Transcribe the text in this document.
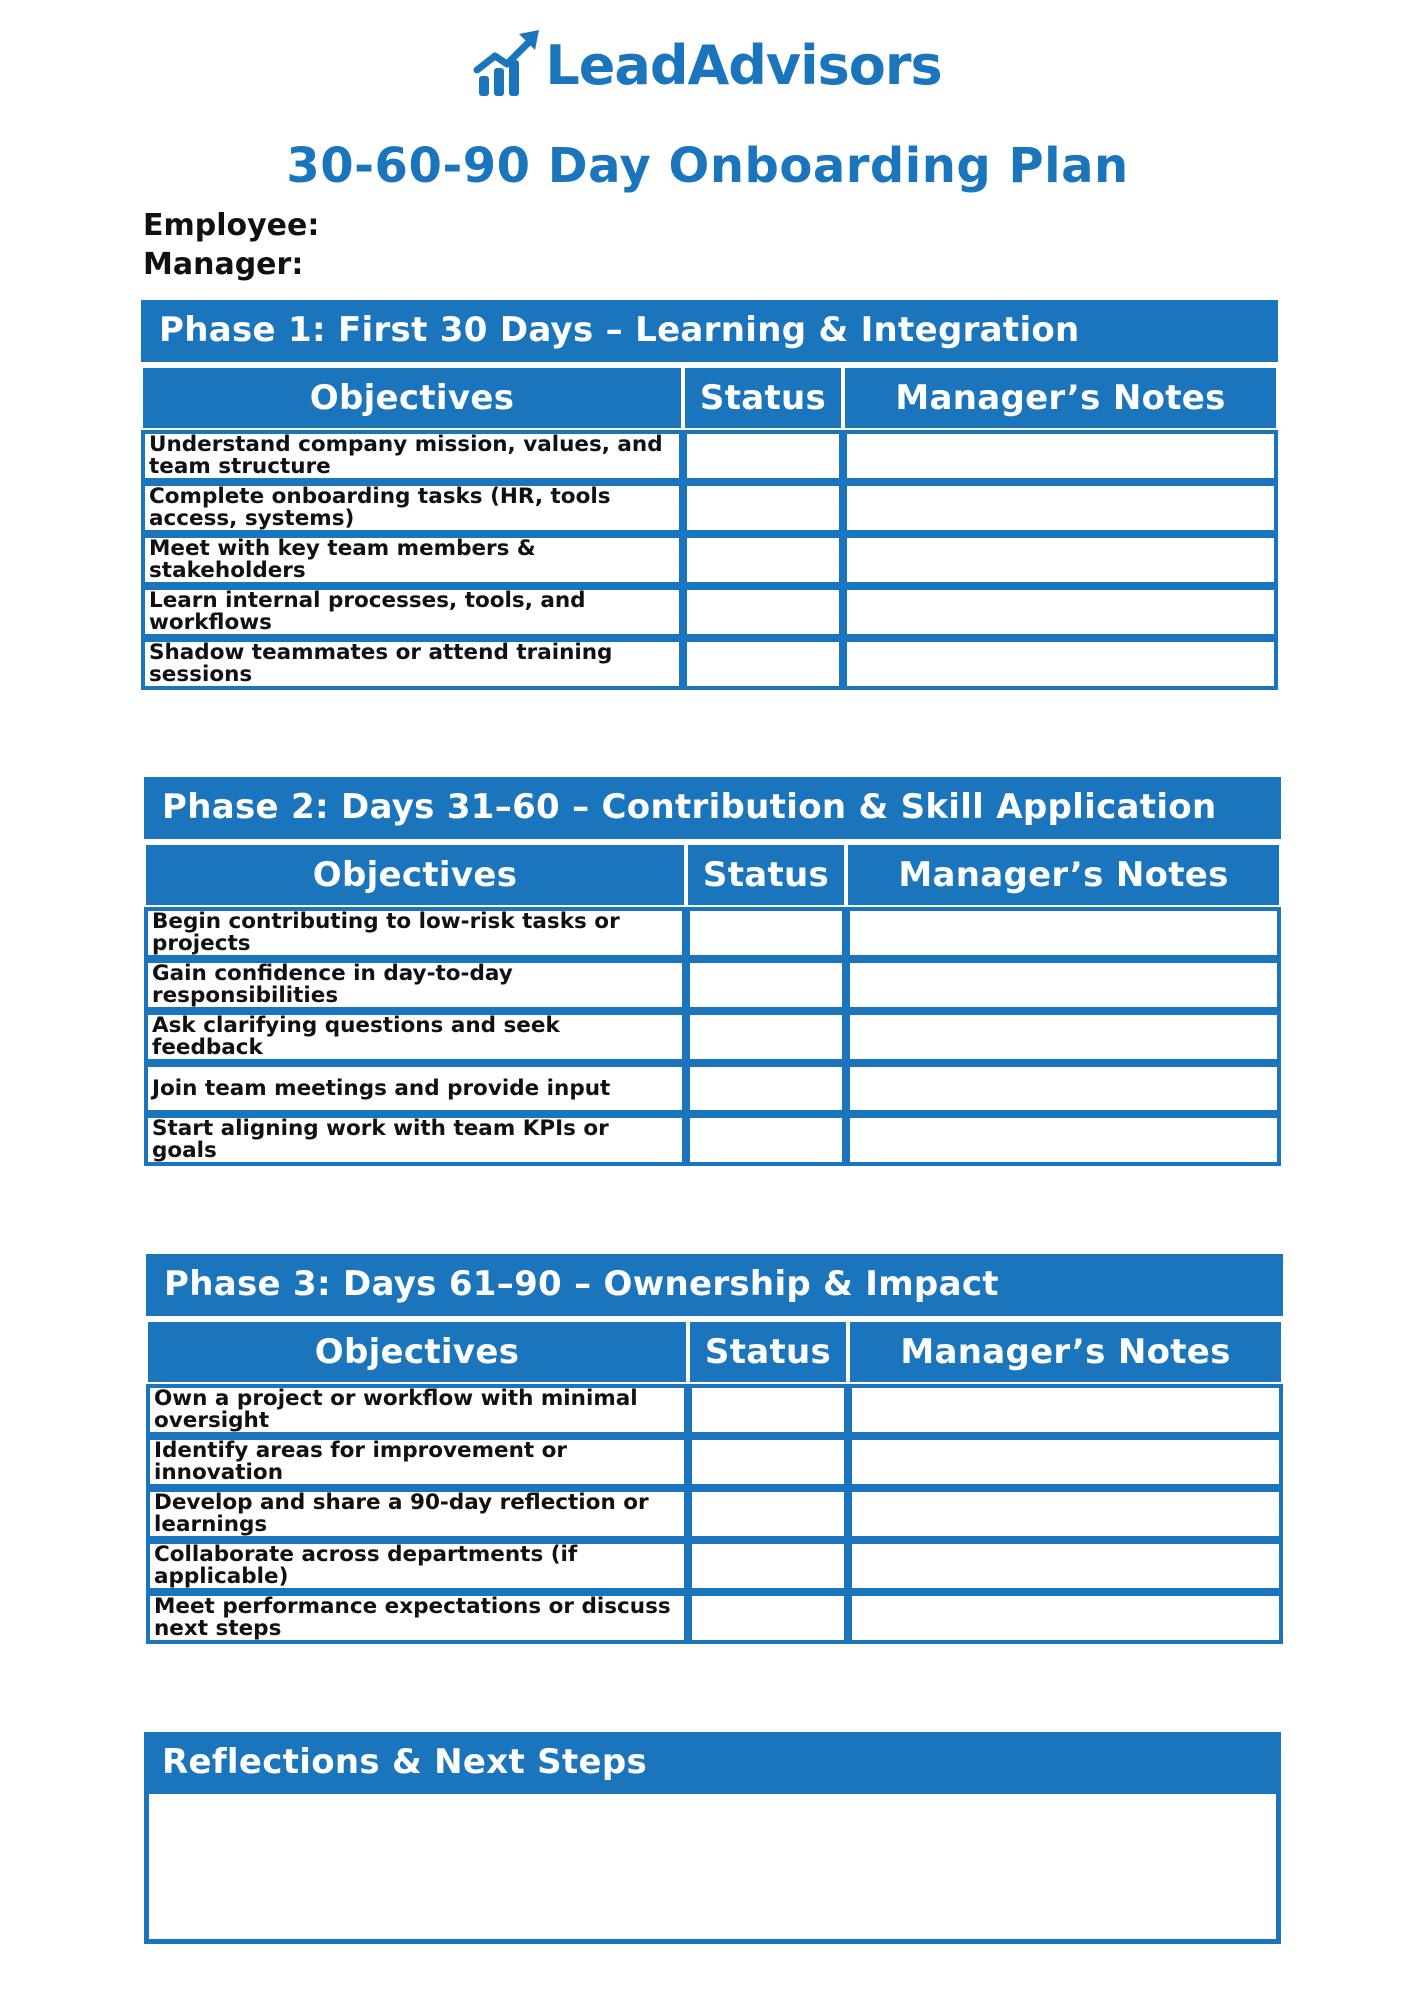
LeadAdvisors
30-60-90 Day Onboarding Plan
Employee:
Manager:
Phase 1: First 30 Days – Learning & Integration
Objectives	Status	Manager’s Notes
Understand company mission, values, and team structure		
Complete onboarding tasks (HR, tools access, systems)		
Meet with key team members & stakeholders		
Learn internal processes, tools, and workflows		
Shadow teammates or attend training sessions		
Phase 2: Days 31–60 – Contribution & Skill Application
Objectives	Status	Manager’s Notes
Begin contributing to low-risk tasks or projects		
Gain confidence in day-to-day responsibilities		
Ask clarifying questions and seek feedback		
Join team meetings and provide input		
Start aligning work with team KPIs or goals		
Phase 3: Days 61–90 – Ownership & Impact
Objectives	Status	Manager’s Notes
Own a project or workflow with minimal oversight		
Identify areas for improvement or innovation		
Develop and share a 90-day reflection or learnings		
Collaborate across departments (if applicable)		
Meet performance expectations or discuss next steps		
Reflections & Next Steps
